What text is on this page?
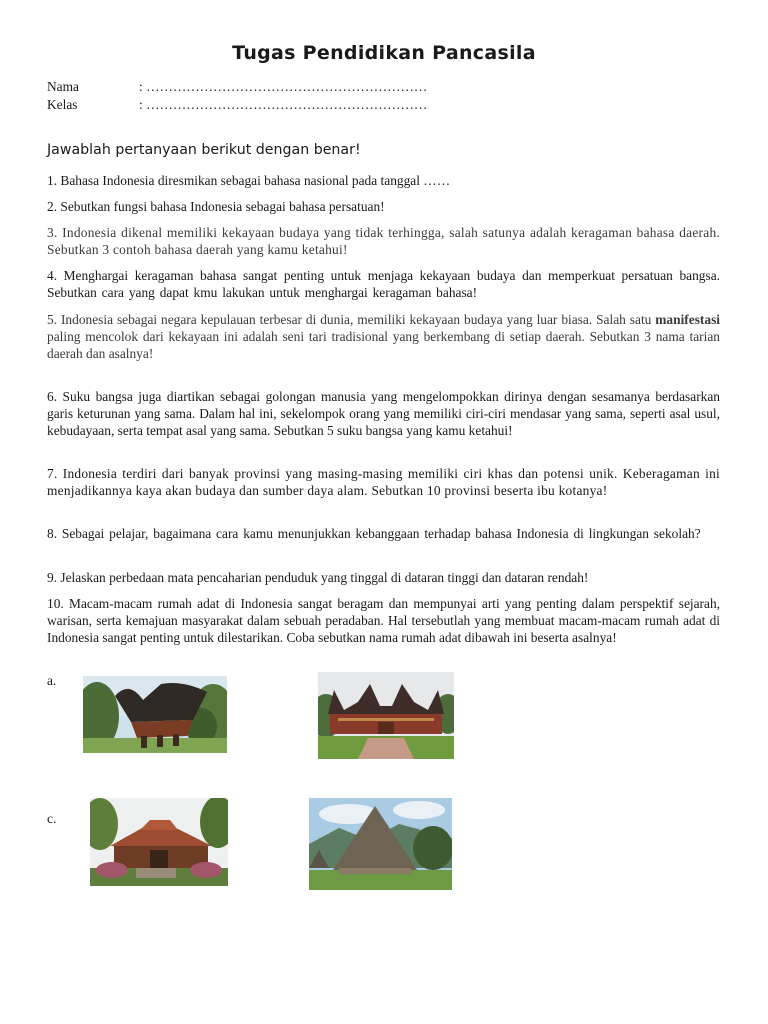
Tugas Pendidikan Pancasila
Nama	: ………………………………………………………
Kelas	: ………………………………………………………
Jawablah pertanyaan berikut dengan benar!

1. Bahasa Indonesia diresmikan sebagai bahasa nasional pada tanggal ……

2. Sebutkan fungsi bahasa Indonesia sebagai bahasa persatuan!

3. Indonesia dikenal memiliki kekayaan budaya yang tidak terhingga, salah satunya adalah keragaman bahasa daerah. Sebutkan 3 contoh bahasa daerah yang kamu ketahui!

4. Menghargai keragaman bahasa sangat penting untuk menjaga kekayaan budaya dan memperkuat persatuan bangsa. Sebutkan cara yang dapat kmu lakukan untuk menghargai keragaman bahasa!

5. Indonesia sebagai negara kepulauan terbesar di dunia, memiliki kekayaan budaya yang luar biasa. Salah satu manifestasi paling mencolok dari kekayaan ini adalah seni tari tradisional yang berkembang di setiap daerah. Sebutkan 3 nama tarian daerah dan asalnya!

6. Suku bangsa juga diartikan sebagai golongan manusia yang mengelompokkan dirinya dengan sesamanya berdasarkan garis keturunan yang sama. Dalam hal ini, sekelompok orang yang memiliki ciri-ciri mendasar yang sama, seperti asal usul, kebudayaan, serta tempat asal yang sama. Sebutkan 5 suku bangsa yang kamu ketahui!

7. Indonesia terdiri dari banyak provinsi yang masing-masing memiliki ciri khas dan potensi unik. Keberagaman ini menjadikannya kaya akan budaya dan sumber daya alam. Sebutkan 10 provinsi beserta ibu kotanya!

8. Sebagai pelajar, bagaimana cara kamu menunjukkan kebanggaan terhadap bahasa Indonesia di lingkungan sekolah?

9. Jelaskan perbedaan mata pencaharian penduduk yang tinggal di dataran tinggi dan dataran rendah!

10. Macam-macam rumah adat di Indonesia sangat beragam dan mempunyai arti yang penting dalam perspektif sejarah, warisan, serta kemajuan masyarakat dalam sebuah peradaban. Hal tersebutlah yang membuat macam-macam rumah adat di Indonesia sangat penting untuk dilestarikan. Coba sebutkan nama rumah adat dibawah ini beserta asalnya!

a.
c.
